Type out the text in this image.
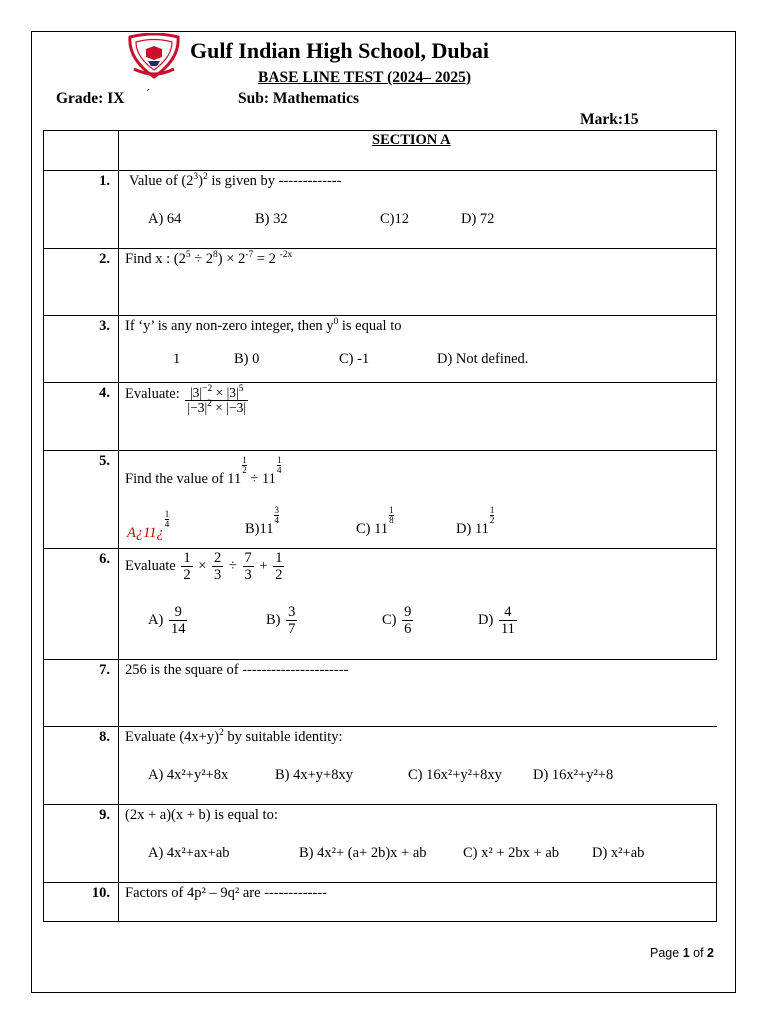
Gulf Indian High School, Dubai
BASE LINE TEST (2024– 2025)
Grade: IX ´	Sub: Mathematics
Mark:15
SECTION A
1. Value of $(2^3)^2$ is given by -------------
A) 64	B) 32	C)12	D) 72
2. Find x : $(2^5 \div 2^8) \times 2^{-7} = 2$ $^{-2x}$
3. If ‘y’ is any non-zero integer, then $y^0$ is equal to
1	B) 0	C) -1	D) Not defined.
4. Evaluate: $\frac{|3|^{-2} \times |3|^5}{|-3|^2 \times |-3|}$
5.
Find the value of $11\frac{1}{2}$
÷ $11\frac{1}{4}$
$A¿11¿\frac{1}{4}$	$B)11\frac{3}{4}$
C) $11\frac{1}{8}$
D) $11\frac{1}{2}$
6. Evaluate $\frac{1}{2} \times \frac{2}{3} \div \frac{7}{3} + \frac{1}{2}$
$A) \frac{9}{14}$	$B) \frac{3}{7}$	$C) \frac{9}{6}$	$D) \frac{4}{11}$
7. 256 is the square of ----------------------
8. Evaluate $(4x+y)^2$ by suitable identity:
A) 4x²+y²+8x	B) 4x+y+8xy	C) 16x²+y²+8xy D) 16x²+y²+8
9. (2x + a)(x + b) is equal to:
A) 4x²+ax+ab	B) 4x²+ (a+ 2b)x + ab	C) x² + 2bx + ab D) x²+ab
10. Factors of 4p² – 9q² are -------------
Page 1 of 2
